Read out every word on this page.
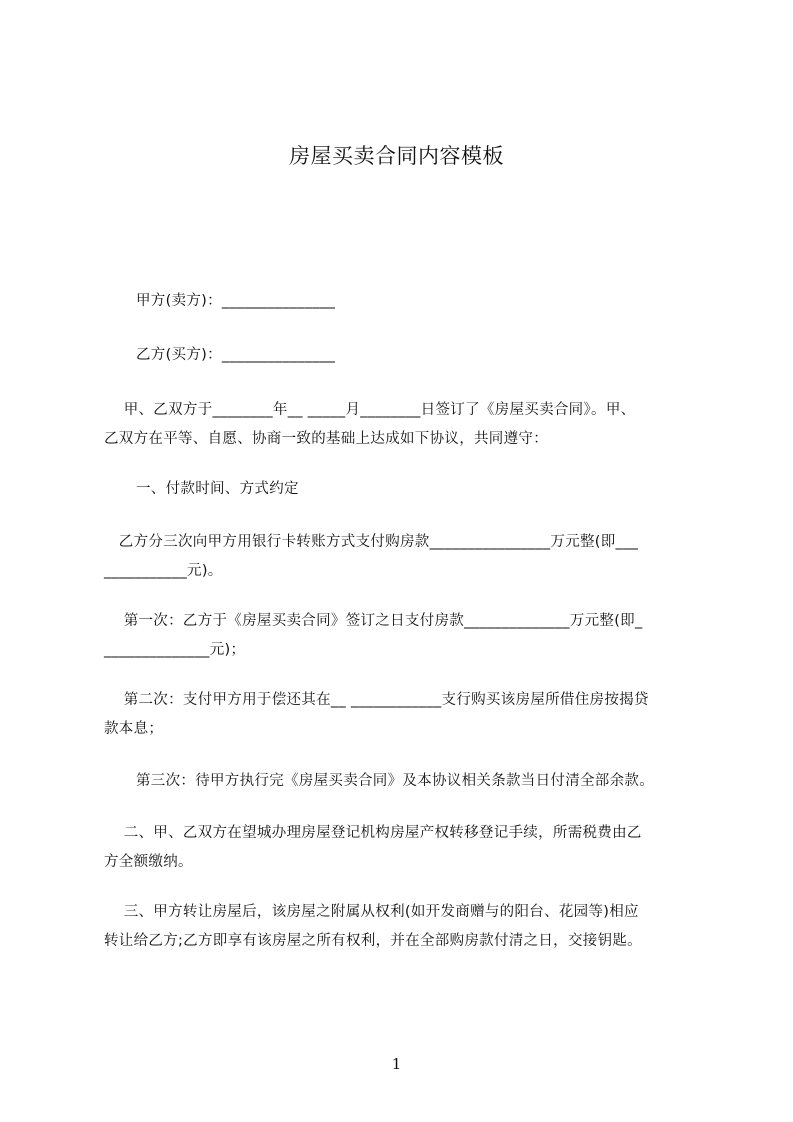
房屋买卖合同内容模板
甲方(卖方)：_______________
乙方(买方)：_______________
　 甲、乙双方于________年__ _____月________日签订了《房屋买卖合同》。甲、
乙双方在平等、自愿、协商一致的基础上达成如下协议，共同遵守：
一、付款时间、方式约定
　乙方分三次向甲方用银行卡转账方式支付购房款________________万元整(即___
___________元)。
　 第一次：乙方于《房屋买卖合同》签订之日支付房款______________万元整(即_
______________元)；
　 第二次：支付甲方用于偿还其在__ ____________支行购买该房屋所借住房按揭贷
款本息；
第三次：待甲方执行完《房屋买卖合同》及本协议相关条款当日付清全部余款。
　 二、甲、乙双方在望城办理房屋登记机构房屋产权转移登记手续，所需税费由乙
方全额缴纳。
　 三、甲方转让房屋后，该房屋之附属从权利(如开发商赠与的阳台、花园等)相应
转让给乙方;乙方即享有该房屋之所有权利，并在全部购房款付清之日，交接钥匙。
1
